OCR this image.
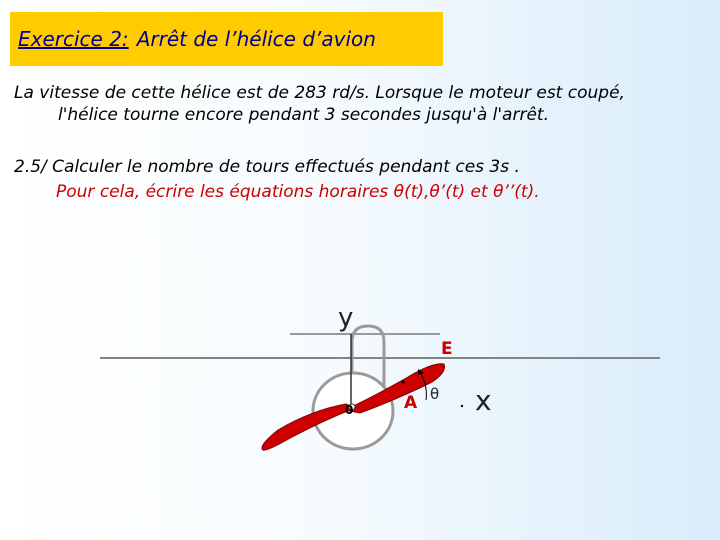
Exercice 2: Arrêt de l’hélice d’avion
La vitesse de cette hélice est de 283 rd/s. Lorsque le moteur est coupé,
l'hélice tourne encore pendant 3 secondes jusqu'à l'arrêt.
2.5/ Calculer le nombre de tours effectués pendant ces 3s .
Pour cela, écrire les équations horaires θ(t),θ’(t) et θ’’(t).
y
x
E
A
0
θ
